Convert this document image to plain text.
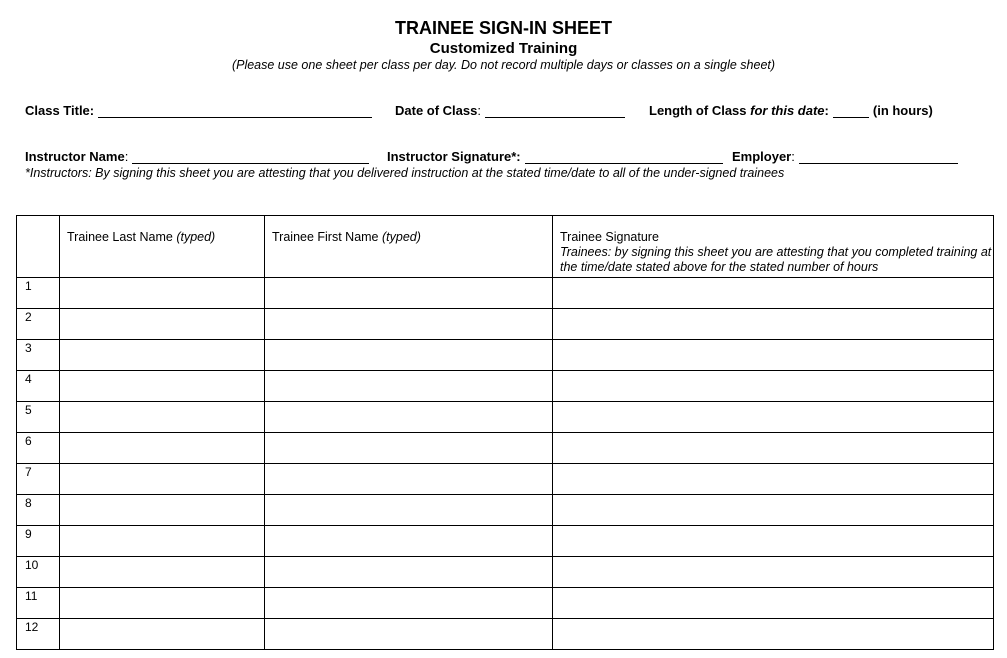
TRAINEE SIGN-IN SHEET
Customized Training
(Please use one sheet per class per day. Do not record multiple days or classes on a single sheet)
Class Title:	Date of Class:	Length of Class for this date:	(in hours)
Instructor Name:	Instructor Signature*:	Employer:
*Instructors: By signing this sheet you are attesting that you delivered instruction at the stated time/date to all of the under-signed trainees
	Trainee Last Name (typed)	Trainee First Name (typed)	Trainee Signature
Trainees: by signing this sheet you are attesting that you completed training at the time/date stated above for the stated number of hours

1			
2			
3			
4			
5			
6			
7			
8			
9			
10			
11			
12			
